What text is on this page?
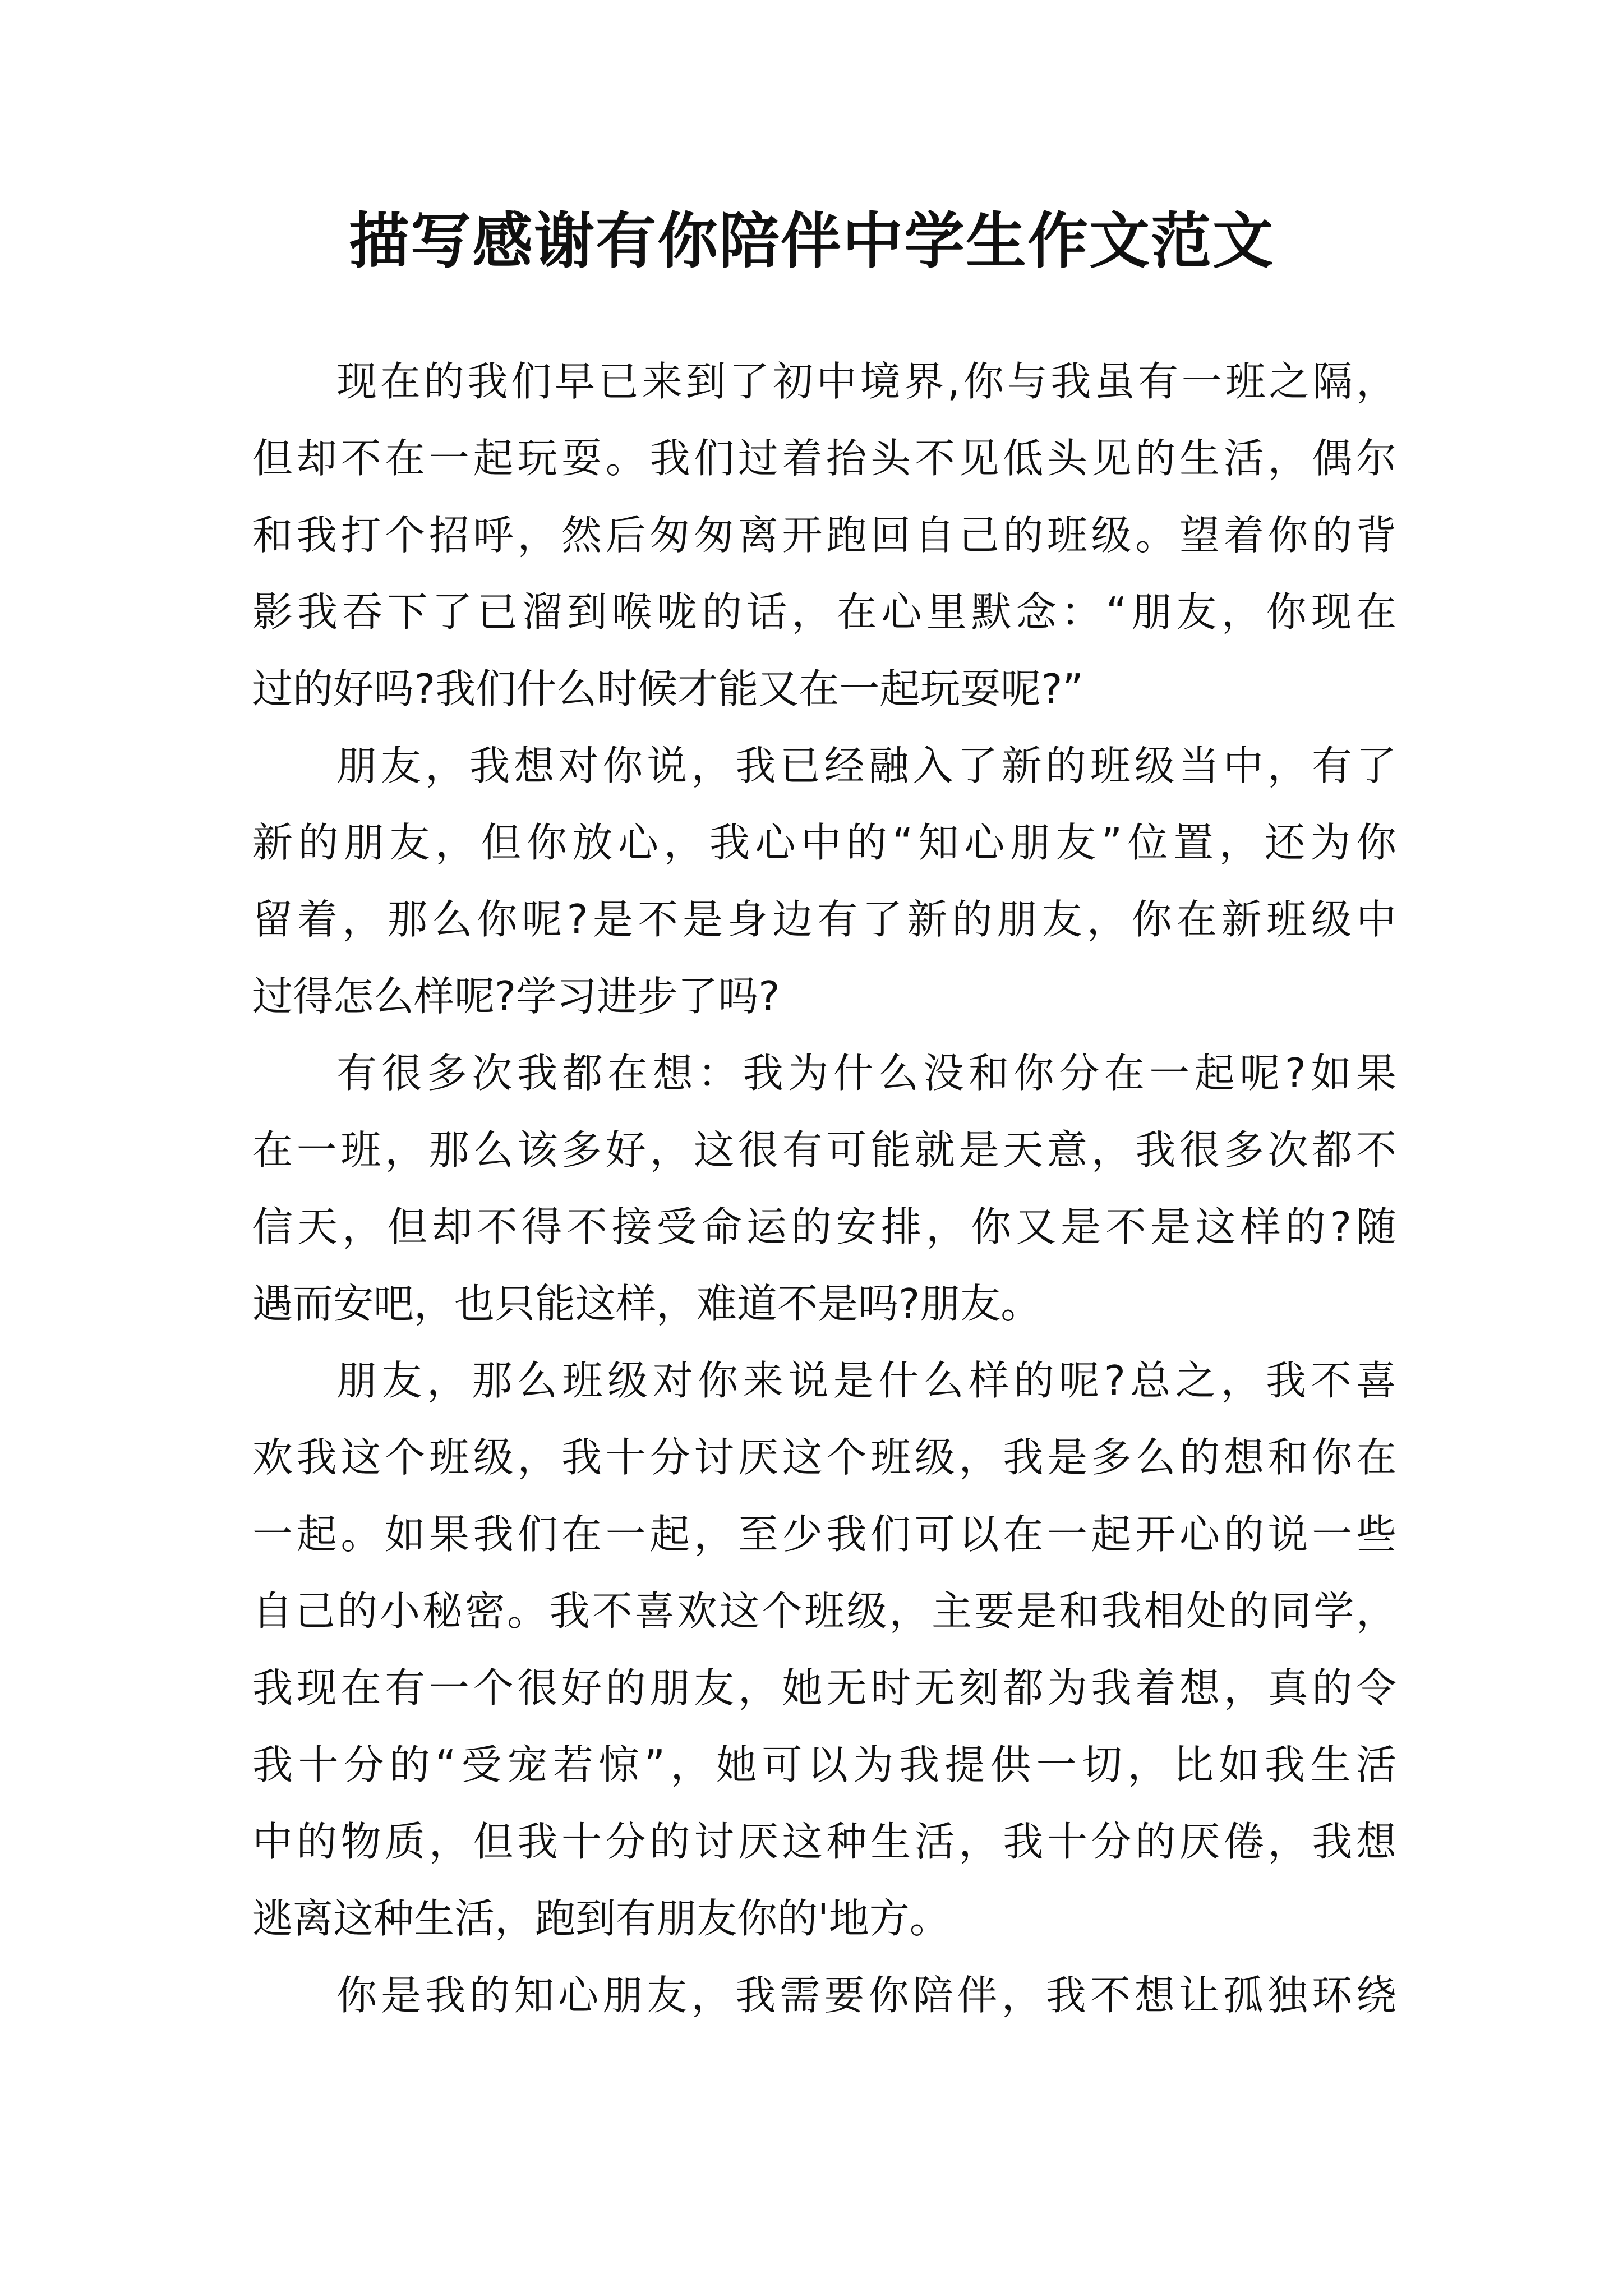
描写感谢有你陪伴中学生作文范文
现在的我们早已来到了初中境界,你与我虽有一班之隔，
但却不在一起玩耍。我们过着抬头不见低头见的生活，偶尔
和我打个招呼，然后匆匆离开跑回自己的班级。望着你的背
影我吞下了已溜到喉咙的话，在心里默念：“朋友，你现在
过的好吗?我们什么时候才能又在一起玩耍呢?”
朋友，我想对你说，我已经融入了新的班级当中，有了
新的朋友，但你放心，我心中的“知心朋友”位置，还为你
留着，那么你呢?是不是身边有了新的朋友，你在新班级中
过得怎么样呢?学习进步了吗?
有很多次我都在想：我为什么没和你分在一起呢?如果
在一班，那么该多好，这很有可能就是天意，我很多次都不
信天，但却不得不接受命运的安排，你又是不是这样的?随
遇而安吧，也只能这样，难道不是吗?朋友。
朋友，那么班级对你来说是什么样的呢?总之，我不喜
欢我这个班级，我十分讨厌这个班级，我是多么的想和你在
一起。如果我们在一起，至少我们可以在一起开心的说一些
自己的小秘密。我不喜欢这个班级，主要是和我相处的同学，
我现在有一个很好的朋友，她无时无刻都为我着想，真的令
我十分的“受宠若惊”，她可以为我提供一切，比如我生活
中的物质，但我十分的讨厌这种生活，我十分的厌倦，我想
逃离这种生活，跑到有朋友你的'地方。
你是我的知心朋友，我需要你陪伴，我不想让孤独环绕
